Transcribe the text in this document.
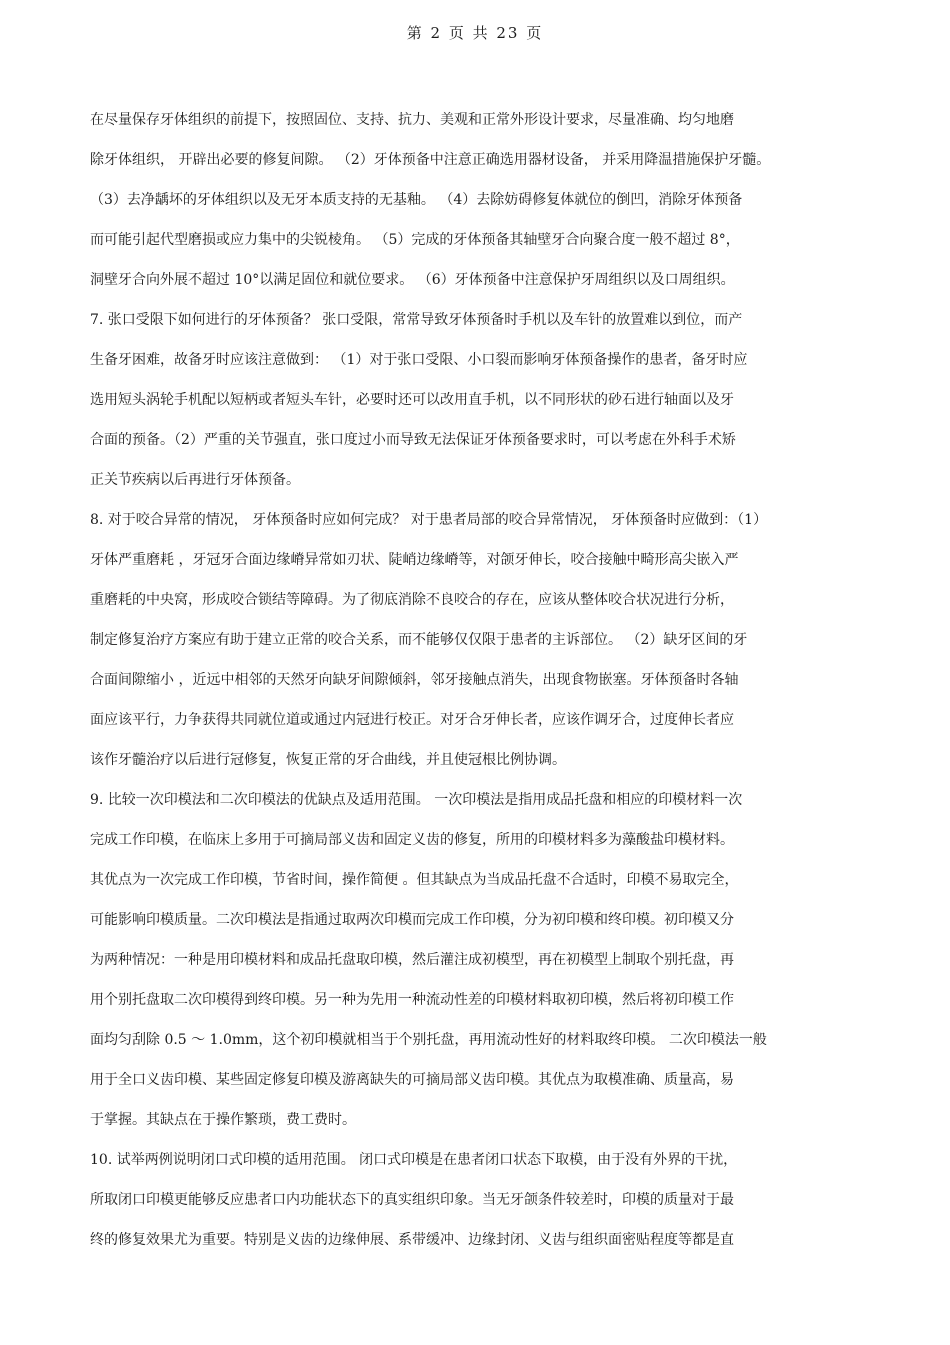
第 2 页 共 23 页
在尽量保存牙体组织的前提下，按照固位、支持、抗力、美观和正常外形设计要求，尽量准确、均匀地磨
除牙体组织， 开辟出必要的修复间隙。 （2）牙体预备中注意正确选用器材设备， 并采用降温措施保护牙髓。
（3）去净龋坏的牙体组织以及无牙本质支持的无基釉。 （4）去除妨碍修复体就位的倒凹，消除牙体预备
而可能引起代型磨损或应力集中的尖锐棱角。 （5）完成的牙体预备其轴壁牙合向聚合度一般不超过 8°，
洞壁牙合向外展不超过 10°以满足固位和就位要求。 （6）牙体预备中注意保护牙周组织以及口周组织。
7. 张口受限下如何进行的牙体预备？ 张口受限，常常导致牙体预备时手机以及车针的放置难以到位，而产
生备牙困难，故备牙时应该注意做到： （1）对于张口受限、小口裂而影响牙体预备操作的患者，备牙时应
选用短头涡轮手机配以短柄或者短头车针，必要时还可以改用直手机，以不同形状的砂石进行轴面以及牙
合面的预备。（2）严重的关节强直，张口度过小而导致无法保证牙体预备要求时，可以考虑在外科手术矫
正关节疾病以后再进行牙体预备。
8. 对于咬合异常的情况， 牙体预备时应如何完成？ 对于患者局部的咬合异常情况， 牙体预备时应做到：（1）
牙体严重磨耗 ，牙冠牙合面边缘嵴异常如刃状、陡峭边缘嵴等，对颌牙伸长，咬合接触中畸形高尖嵌入严
重磨耗的中央窝，形成咬合锁结等障碍。为了彻底消除不良咬合的存在，应该从整体咬合状况进行分析，
制定修复治疗方案应有助于建立正常的咬合关系，而不能够仅仅限于患者的主诉部位。 （2）缺牙区间的牙
合面间隙缩小 ，近远中相邻的天然牙向缺牙间隙倾斜，邻牙接触点消失，出现食物嵌塞。牙体预备时各轴
面应该平行，力争获得共同就位道或通过内冠进行校正。对牙合牙伸长者，应该作调牙合，过度伸长者应
该作牙髓治疗以后进行冠修复，恢复正常的牙合曲线，并且使冠根比例协调。
9. 比较一次印模法和二次印模法的优缺点及适用范围。 一次印模法是指用成品托盘和相应的印模材料一次
完成工作印模，在临床上多用于可摘局部义齿和固定义齿的修复，所用的印模材料多为藻酸盐印模材料。
其优点为一次完成工作印模，节省时间，操作简便 。但其缺点为当成品托盘不合适时，印模不易取完全，
可能影响印模质量。二次印模法是指通过取两次印模而完成工作印模，分为初印模和终印模。初印模又分
为两种情况：一种是用印模材料和成品托盘取印模，然后灌注成初模型，再在初模型上制取个别托盘，再
用个别托盘取二次印模得到终印模。另一种为先用一种流动性差的印模材料取初印模，然后将初印模工作
面均匀刮除 0.5 ～ 1.0mm，这个初印模就相当于个别托盘，再用流动性好的材料取终印模。 二次印模法一般
用于全口义齿印模、某些固定修复印模及游离缺失的可摘局部义齿印模。其优点为取模准确、质量高，易
于掌握。其缺点在于操作繁琐，费工费时。
10. 试举两例说明闭口式印模的适用范围。 闭口式印模是在患者闭口状态下取模，由于没有外界的干扰，
所取闭口印模更能够反应患者口内功能状态下的真实组织印象。当无牙颌条件较差时，印模的质量对于最
终的修复效果尤为重要。特别是义齿的边缘伸展、系带缓冲、边缘封闭、义齿与组织面密贴程度等都是直
